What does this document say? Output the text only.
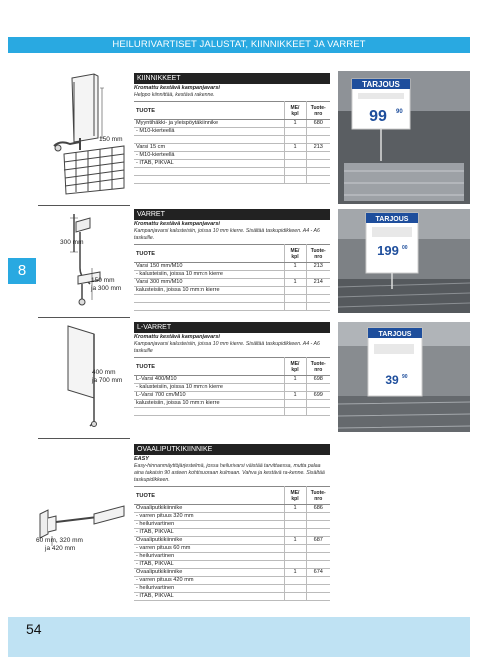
HEILURIVARTISET JALUSTAT, KIINNIKKEET JA VARRET
8
KIINNIKKEET
Kromattu kestävä kampanjavarsi
Helppo kiinnittää, kestävä rakenne.
TUOTE	ME/ kpl	Tuote- nro
Myyntihäkki- ja yleispöytäkiinnike	1	680
- M10-kierteellä		

Varsi 15 cm	1	213
- M10-kierteellä		
- ITAB, PIKVAL		

150 mm
TARJOUS
99 90
VARRET
Kromattu kestävä kampanjavarsi
Kampanjavarsi kalusteisiin, joissa 10 mm kierre. Sisältää taskupidikkeen. A4 - A6 taskuille.
TUOTE	ME/ kpl	Tuote- nro
Varsi 150 mm/M10	1	213
- kalusteisiin, joissa 10 mm:n kierre		
Varsi 300 mm/M10	1	214
kalusteisiin, joissa 10 mm:n kierre		

300 mm
150 mm
ja 300 mm
TARJOUS
199 00
L-VARRET
Kromattu kestävä kampanjavarsi
Kampanjavarsi kalusteisiin, joissa 10 mm kierre. Sisältää taskupidikkeen. A4 - A6 taskuille
TUOTE	ME/ kpl	Tuote- nro
L-Varsi 400/M10	1	698
- kalusteisiin, joissa 10 mm:n kierre		
L-Varsi 700 cm/M10	1	699
kalusteisiin, joissa 10 mm:n kierre		

400 mm
ja 700 mm
TARJOUS
39 90
OVAALIPUTKIKIINNIKE
EASY
Easy-hinnanmäyttöjärjestelmä, jossa heilurivarsi väistää tarvittaessa, mutta palaa aina takaisin 90 asteen kohtisuoraan kulmaan. Vahva ja kestävä ra-kenne. Sisältää taskupidikkeen.
TUOTE	ME/ kpl	Tuote- nro
Ovaaliputkikiinnike	1	686
- varren pituus 320 mm		
- heilurivartinen		
- ITAB, PIKVAL		
Ovaaliputkikiinnike	1	687
- varren pituus 60 mm		
- heilurivartinen		
- ITAB, PIKVAL		
Ovaaliputkikiinnike	1	674
- varren pituus 420 mm		
- heilurivartinen		
- ITAB, PIKVAL		
60 mm, 320 mm
ja 420 mm
54
